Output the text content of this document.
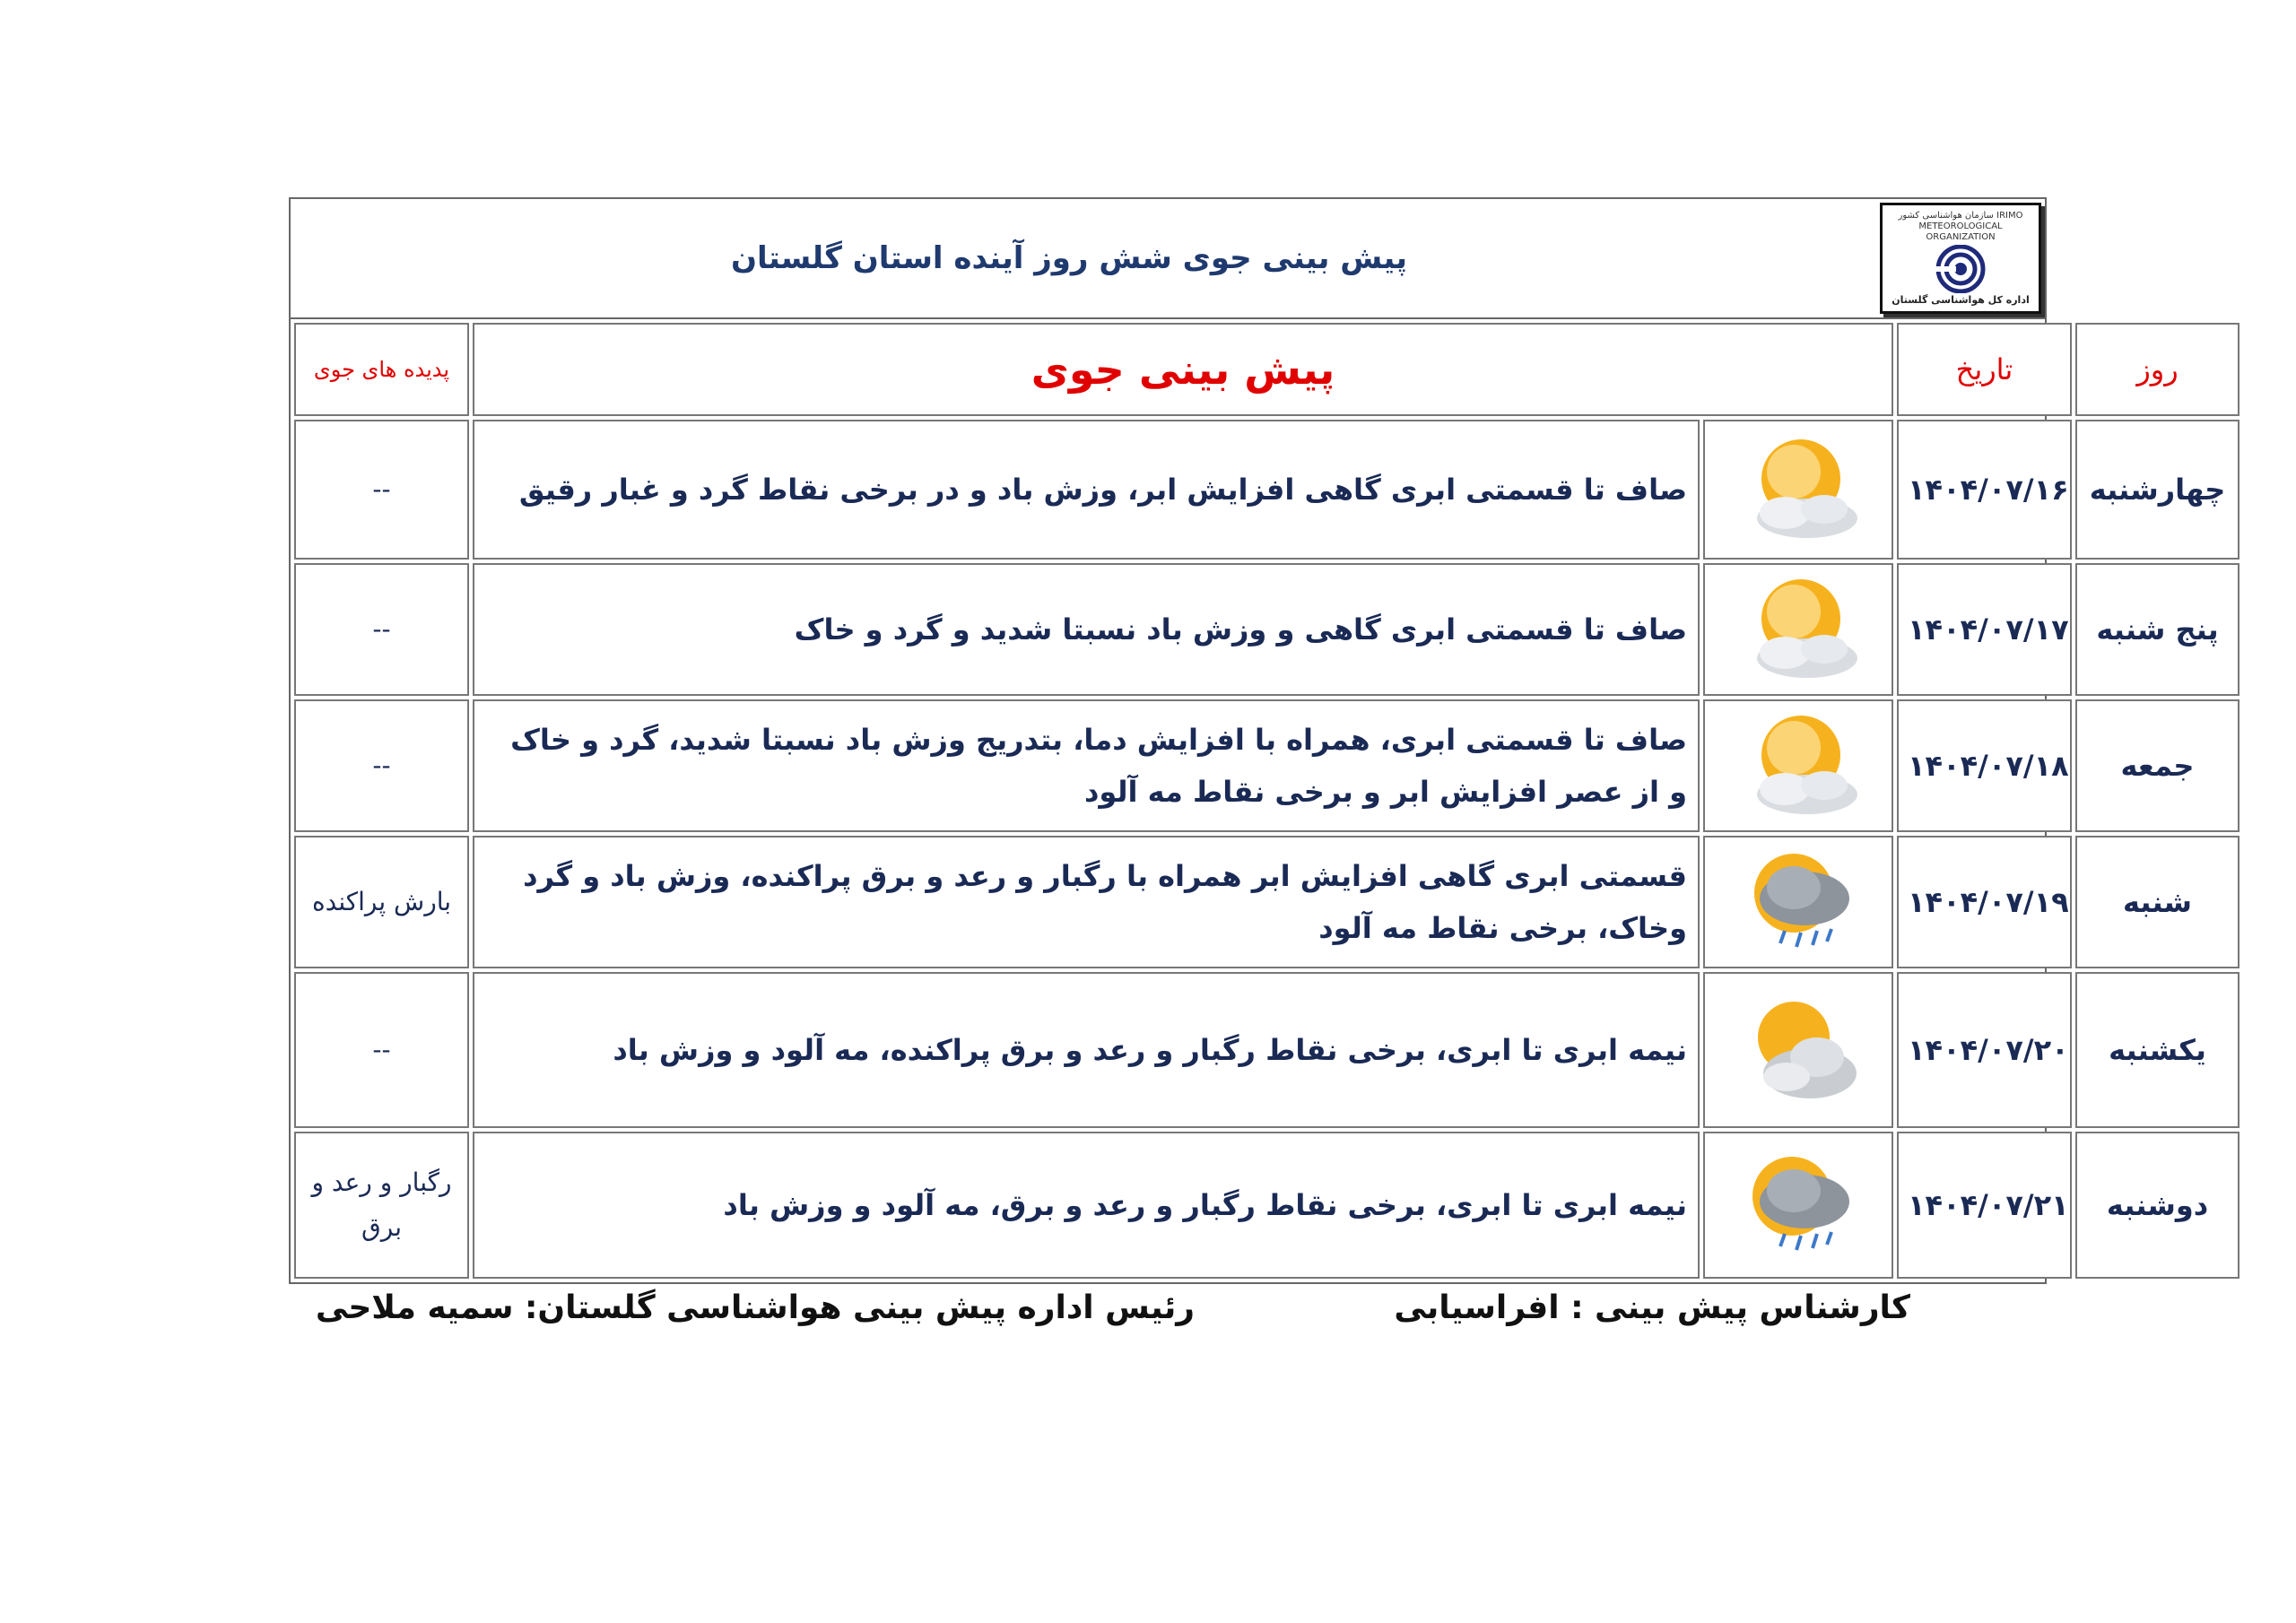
پیش بینی جوی شش روز آینده استان گلستان
سازمان هواشناسی کشور IRIMO METEOROLOGICAL ORGANIZATION
اداره کل هواشناسی گلستان
روز	تاریخ	پیش بینی جوی		پدیده های جوی
چهارشنبه	۱۴۰۴/۰۷/۱۶		صاف تا قسمتی ابری گاهی افزایش ابر، وزش باد و در برخی نقاط گرد و غبار رقیق	--
پنج شنبه	۱۴۰۴/۰۷/۱۷		صاف تا قسمتی ابری گاهی و وزش باد نسبتا شدید و گرد و خاک	--
جمعه	۱۴۰۴/۰۷/۱۸		صاف تا قسمتی ابری، همراه با افزایش دما، بتدریج وزش باد نسبتا شدید، گرد و خاک و از عصر افزایش ابر و برخی نقاط مه آلود	--
شنبه	۱۴۰۴/۰۷/۱۹		قسمتی ابری گاهی افزایش ابر همراه با رگبار و رعد و برق پراکنده، وزش باد و گرد وخاک، برخی نقاط مه آلود	بارش پراکنده
یکشنبه	۱۴۰۴/۰۷/۲۰		نیمه ابری تا ابری، برخی نقاط رگبار و رعد و برق پراکنده، مه آلود و وزش باد	--
دوشنبه	۱۴۰۴/۰۷/۲۱		نیمه ابری تا ابری، برخی نقاط رگبار و رعد و برق، مه آلود و وزش باد	رگبار و رعد و برق
کارشناس پیش بینی : افراسیابی
رئیس اداره پیش بینی هواشناسی گلستان: سمیه ملاحی
